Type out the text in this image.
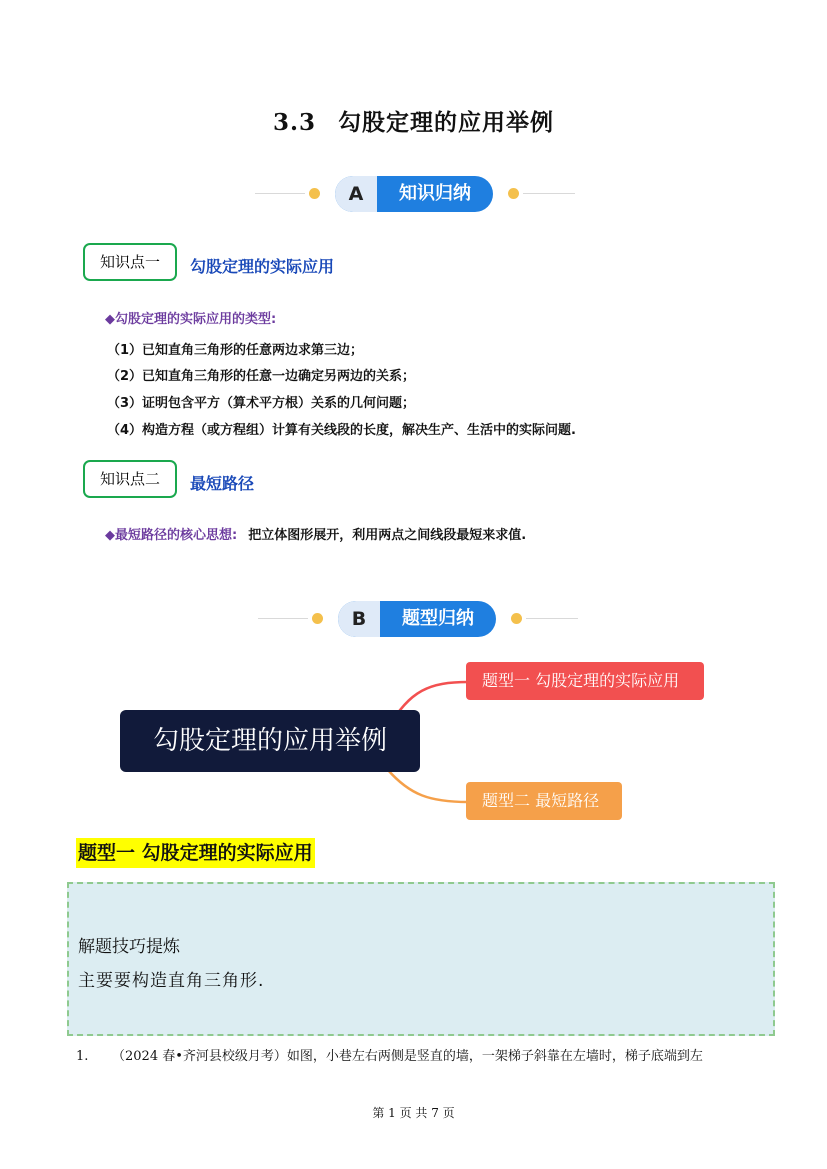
3.3 勾股定理的应用举例
A	知识归纳
知识点一	勾股定理的实际应用
◆勾股定理的实际应用的类型:
（1）已知直角三角形的任意两边求第三边；
（2）已知直角三角形的任意一边确定另两边的关系；
（3）证明包含平方（算术平方根）关系的几何问题；
（4）构造方程（或方程组）计算有关线段的长度，解决生产、生活中的实际问题.
知识点二	最短路径
◆最短路径的核心思想: 把立体图形展开，利用两点之间线段最短来求值.
B	题型归纳
勾股定理的应用举例
题型一 勾股定理的实际应用
题型二 最短路径
题型一 勾股定理的实际应用
解题技巧提炼
主要要构造直角三角形.
1. （2024 春•齐河县校级月考）如图，小巷左右两侧是竖直的墙，一架梯子斜靠在左墙时，梯子底端到左
第 1 页 共 7 页
